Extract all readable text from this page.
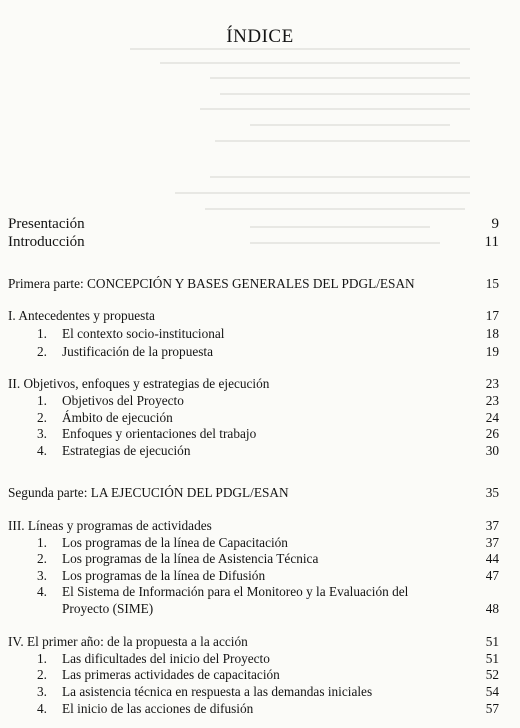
ÍNDICE
Presentación	9
Introducción	11
Primera parte: CONCEPCIÓN Y BASES GENERALES DEL PDGL/ESAN	15
I. Antecedentes y propuesta	17
1. El contexto socio-institucional	18
2. Justificación de la propuesta	19
II. Objetivos, enfoques y estrategias de ejecución	23
1. Objetivos del Proyecto	23
2. Ámbito de ejecución	24
3. Enfoques y orientaciones del trabajo	26
4. Estrategias de ejecución	30
Segunda parte: LA EJECUCIÓN DEL PDGL/ESAN	35
III. Líneas y programas de actividades	37
1. Los programas de la línea de Capacitación	37
2. Los programas de la línea de Asistencia Técnica	44
3. Los programas de la línea de Difusión	47
4. El Sistema de Información para el Monitoreo y la Evaluación del
Proyecto (SIME)	48
IV. El primer año: de la propuesta a la acción	51
1. Las dificultades del inicio del Proyecto	51
2. Las primeras actividades de capacitación	52
3. La asistencia técnica en respuesta a las demandas iniciales	54
4. El inicio de las acciones de difusión	57
